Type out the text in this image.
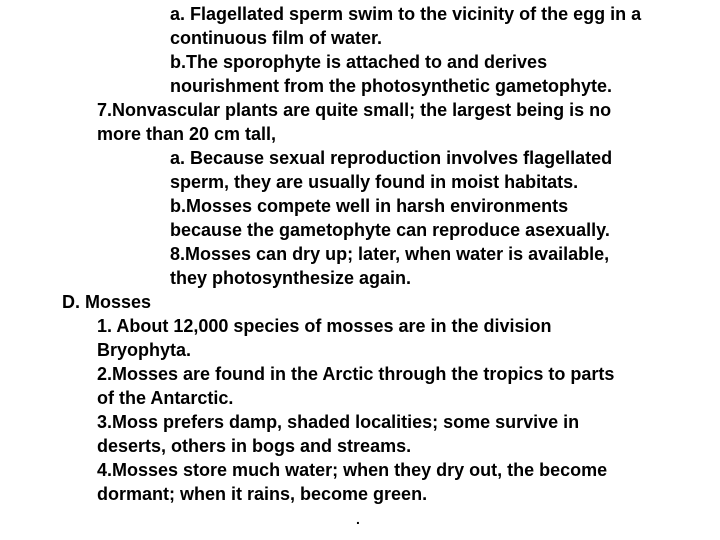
a. Flagellated sperm swim to the vicinity of the egg in a
continuous film of water.
b.The sporophyte is attached to and derives
nourishment from the photosynthetic gametophyte.
7.Nonvascular plants are quite small; the largest being is no
more than 20 cm tall,
a. Because sexual reproduction involves flagellated
sperm, they are usually found in moist habitats.
b.Mosses compete well in harsh environments
because the gametophyte can reproduce asexually.
8.Mosses can dry up; later, when water is available,
they photosynthesize again.
D. Mosses
1. About 12,000 species of mosses are in the division
Bryophyta.
2.Mosses are found in the Arctic through the tropics to parts
of the Antarctic.
3.Moss prefers damp, shaded localities; some survive in
deserts, others in bogs and streams.
4.Mosses store much water; when they dry out, the become
dormant; when it rains, become green.
.
